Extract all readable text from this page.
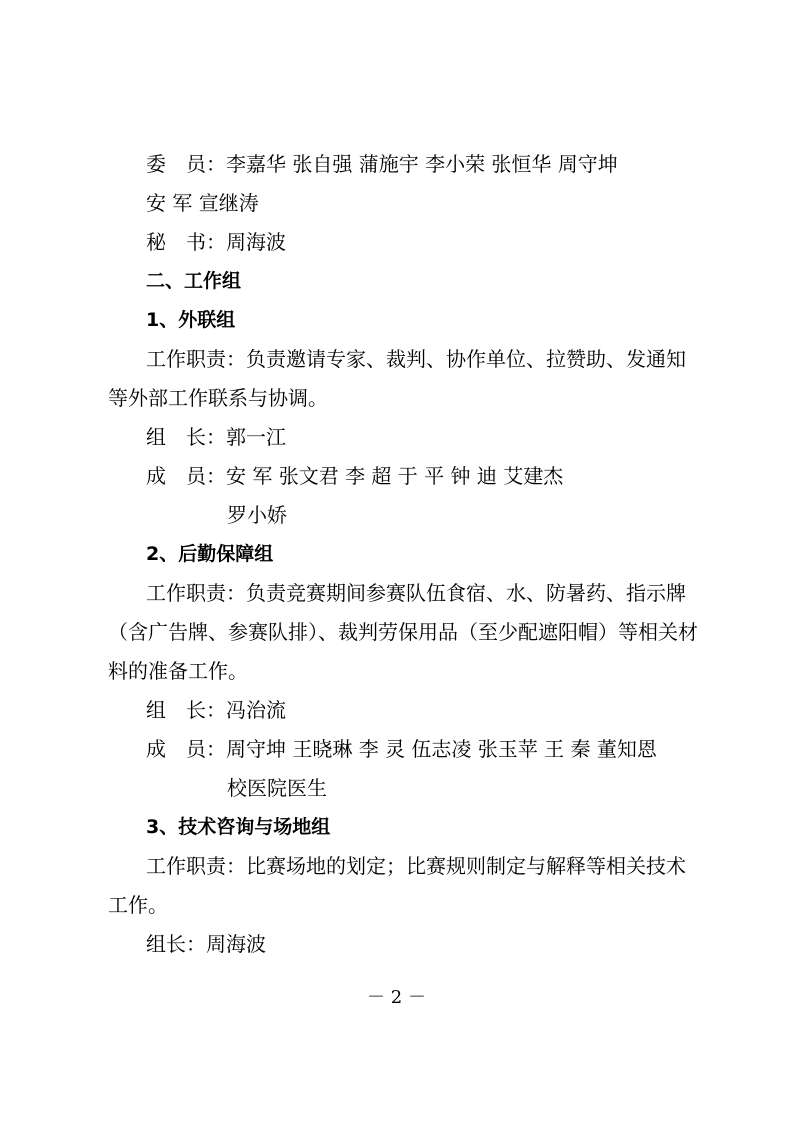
委　员：李嘉华 张自强 蒲施宇 李小荣 张恒华 周守坤
安 军 宣继涛
秘　书：周海波
二、工作组
1、外联组
工作职责：负责邀请专家、裁判、协作单位、拉赞助、发通知
等外部工作联系与协调。
组　长：郭一江
成　员：安 军 张文君 李 超 于 平 钟 迪 艾建杰
罗小娇
2、后勤保障组
工作职责：负责竞赛期间参赛队伍食宿、水、防暑药、指示牌
（含广告牌、参赛队排）、裁判劳保用品（至少配遮阳帽）等相关材
料的准备工作。
组　长：冯治流
成　员：周守坤 王晓琳 李 灵 伍志凌 张玉苹 王 秦 董知恩
校医院医生
3、技术咨询与场地组
工作职责：比赛场地的划定；比赛规则制定与解释等相关技术
工作。
组长：周海波
－ 2 －
